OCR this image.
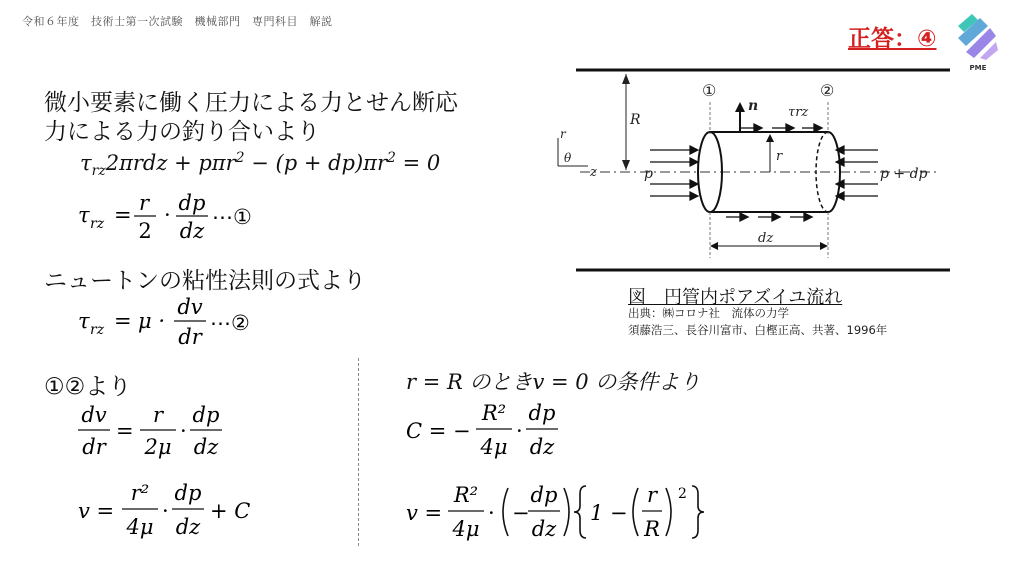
令和６年度　技術士第一次試験　機械部門　専門科目　解説
正答：④
PME
微小要素に働く圧力による力とせん断応
力による力の釣り合いより
$\tau_{rz}2\pi rdz + p\pi r^2 - (p + dp)\pi r^2 = 0$
τ rz = r
2
· dp
dz
⋯①
ニュートンの粘性法則の式より
τ rz = μ ·
dv
dr
⋯②
①②より
dv
dr
=
r
2μ
·
dp
dz
v =
r²
4μ
·
dp
dz
+ C
r = R のときv = 0 の条件より
C = −
R²
4μ
·
dp
dz
v =
R²
4μ
· −
dp
dz
1 −
r
R
2
R
r
θ
z
①	②
n τrz
r
p	p + dp
dz
図　円管内ポアズイユ流れ
出典：㈱コロナ社　流体の力学
須藤浩三、長谷川富市、白樫正高、共著、1996年
